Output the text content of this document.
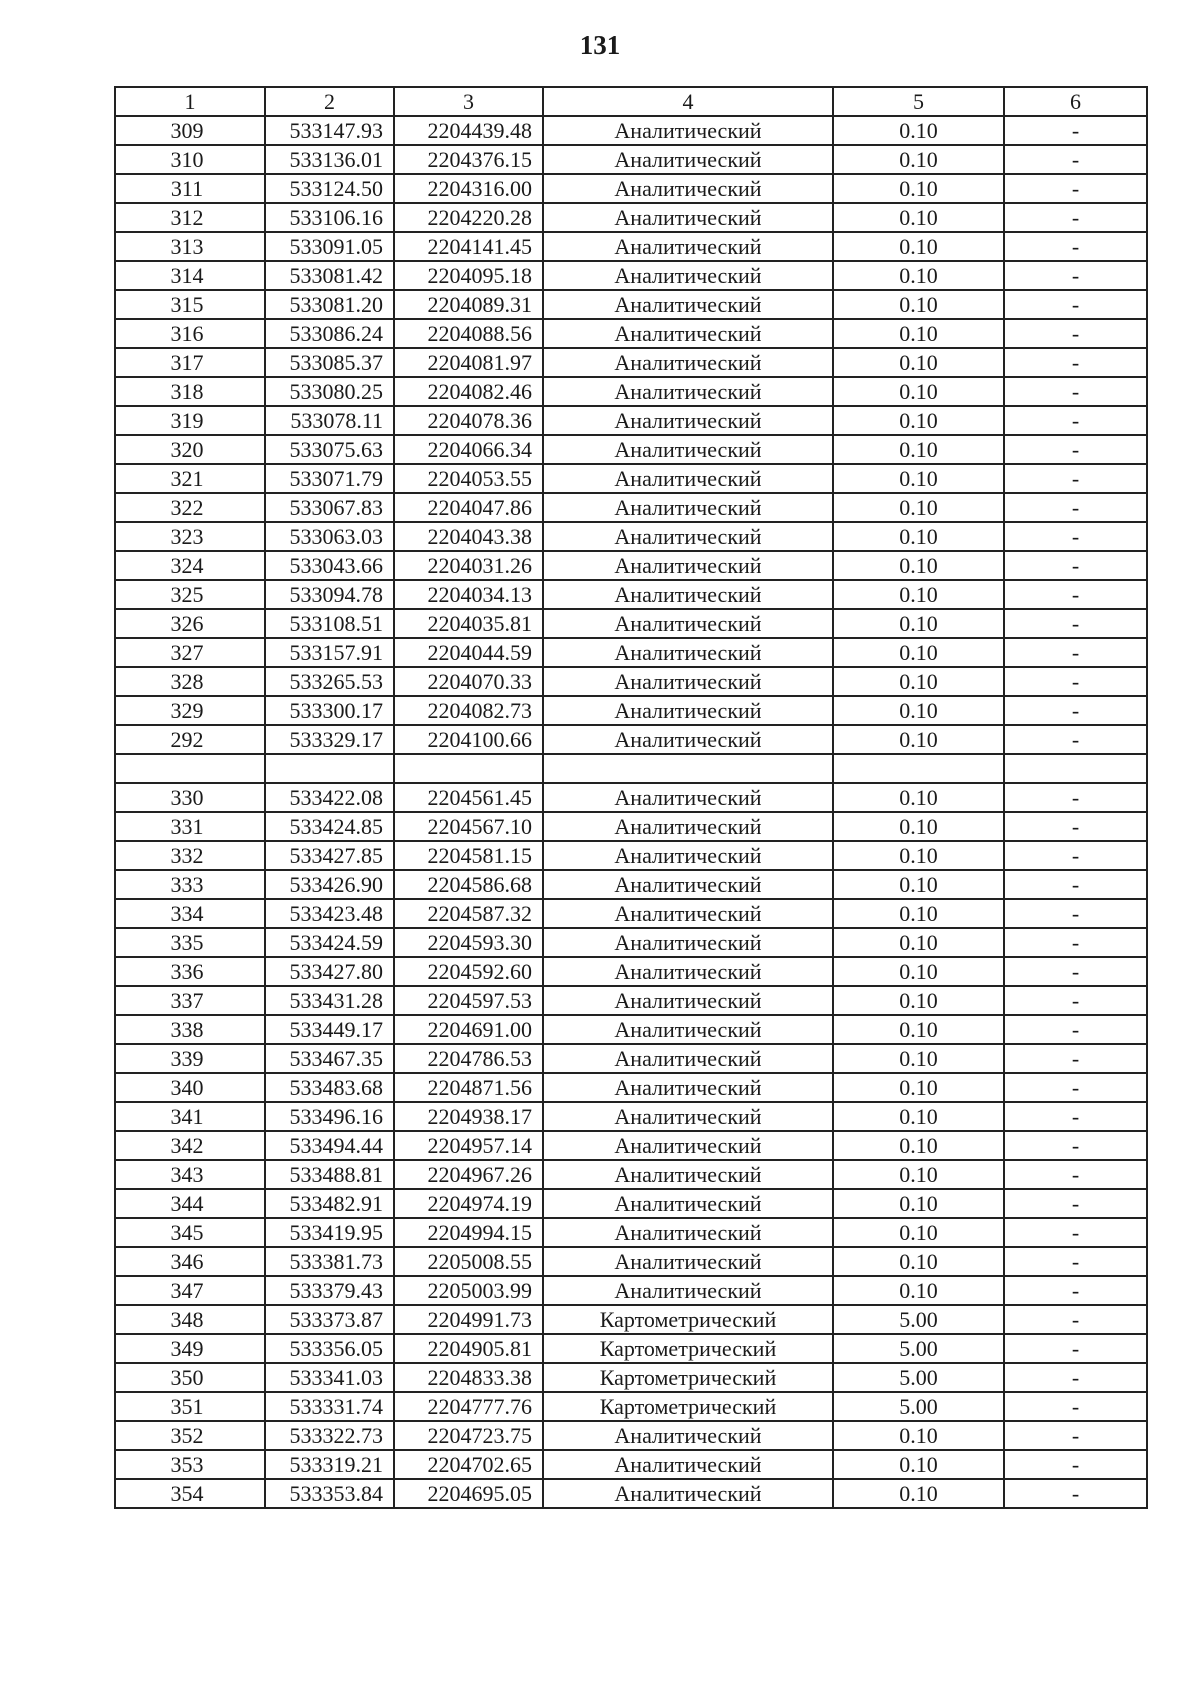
131
1	2	3	4	5	6
309	533147.93	2204439.48	Аналитический	0.10	-
310	533136.01	2204376.15	Аналитический	0.10	-
311	533124.50	2204316.00	Аналитический	0.10	-
312	533106.16	2204220.28	Аналитический	0.10	-
313	533091.05	2204141.45	Аналитический	0.10	-
314	533081.42	2204095.18	Аналитический	0.10	-
315	533081.20	2204089.31	Аналитический	0.10	-
316	533086.24	2204088.56	Аналитический	0.10	-
317	533085.37	2204081.97	Аналитический	0.10	-
318	533080.25	2204082.46	Аналитический	0.10	-
319	533078.11	2204078.36	Аналитический	0.10	-
320	533075.63	2204066.34	Аналитический	0.10	-
321	533071.79	2204053.55	Аналитический	0.10	-
322	533067.83	2204047.86	Аналитический	0.10	-
323	533063.03	2204043.38	Аналитический	0.10	-
324	533043.66	2204031.26	Аналитический	0.10	-
325	533094.78	2204034.13	Аналитический	0.10	-
326	533108.51	2204035.81	Аналитический	0.10	-
327	533157.91	2204044.59	Аналитический	0.10	-
328	533265.53	2204070.33	Аналитический	0.10	-
329	533300.17	2204082.73	Аналитический	0.10	-
292	533329.17	2204100.66	Аналитический	0.10	-

330	533422.08	2204561.45	Аналитический	0.10	-
331	533424.85	2204567.10	Аналитический	0.10	-
332	533427.85	2204581.15	Аналитический	0.10	-
333	533426.90	2204586.68	Аналитический	0.10	-
334	533423.48	2204587.32	Аналитический	0.10	-
335	533424.59	2204593.30	Аналитический	0.10	-
336	533427.80	2204592.60	Аналитический	0.10	-
337	533431.28	2204597.53	Аналитический	0.10	-
338	533449.17	2204691.00	Аналитический	0.10	-
339	533467.35	2204786.53	Аналитический	0.10	-
340	533483.68	2204871.56	Аналитический	0.10	-
341	533496.16	2204938.17	Аналитический	0.10	-
342	533494.44	2204957.14	Аналитический	0.10	-
343	533488.81	2204967.26	Аналитический	0.10	-
344	533482.91	2204974.19	Аналитический	0.10	-
345	533419.95	2204994.15	Аналитический	0.10	-
346	533381.73	2205008.55	Аналитический	0.10	-
347	533379.43	2205003.99	Аналитический	0.10	-
348	533373.87	2204991.73	Картометрический	5.00	-
349	533356.05	2204905.81	Картометрический	5.00	-
350	533341.03	2204833.38	Картометрический	5.00	-
351	533331.74	2204777.76	Картометрический	5.00	-
352	533322.73	2204723.75	Аналитический	0.10	-
353	533319.21	2204702.65	Аналитический	0.10	-
354	533353.84	2204695.05	Аналитический	0.10	-
